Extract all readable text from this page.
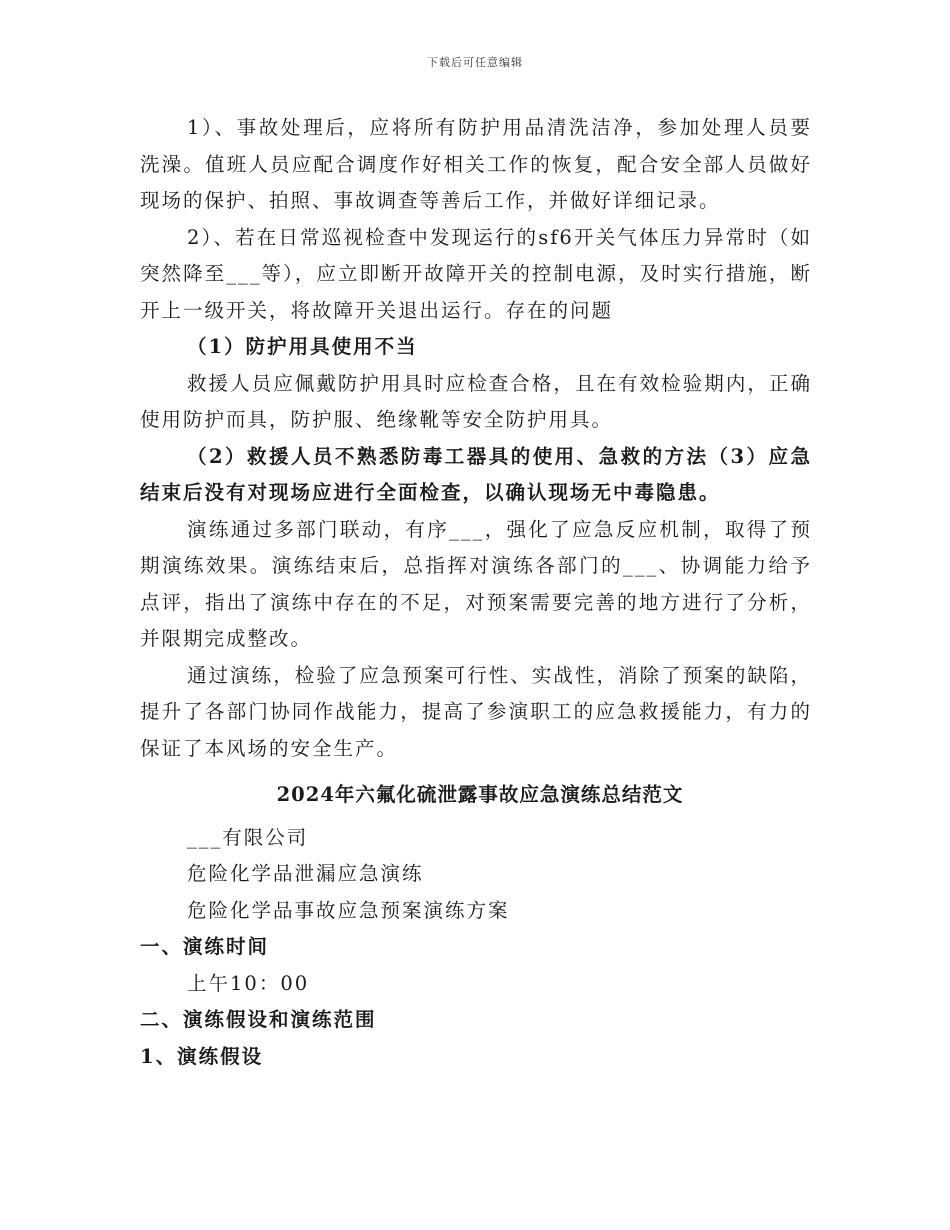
下载后可任意编辑

1）、事故处理后，应将所有防护用品清洗洁净，参加处理人员要洗澡。值班人员应配合调度作好相关工作的恢复，配合安全部人员做好现场的保护、拍照、事故调查等善后工作，并做好详细记录。

2）、若在日常巡视检查中发现运行的sf6开关气体压力异常时（如突然降至___等），应立即断开故障开关的控制电源，及时实行措施，断开上一级开关，将故障开关退出运行。存在的问题

（1）防护用具使用不当

救援人员应佩戴防护用具时应检查合格，且在有效检验期内，正确使用防护而具，防护服、绝缘靴等安全防护用具。

（2）救援人员不熟悉防毒工器具的使用、急救的方法（3）应急结束后没有对现场应进行全面检查，以确认现场无中毒隐患。

演练通过多部门联动，有序___，强化了应急反应机制，取得了预期演练效果。演练结束后，总指挥对演练各部门的___、协调能力给予点评，指出了演练中存在的不足，对预案需要完善的地方进行了分析，并限期完成整改。

通过演练，检验了应急预案可行性、实战性，消除了预案的缺陷，提升了各部门协同作战能力，提高了参演职工的应急救援能力，有力的保证了本风场的安全生产。

2024年六氟化硫泄露事故应急演练总结范文

___有限公司

危险化学品泄漏应急演练

危险化学品事故应急预案演练方案

一、演练时间

上午10：00

二、演练假设和演练范围

1、演练假设
